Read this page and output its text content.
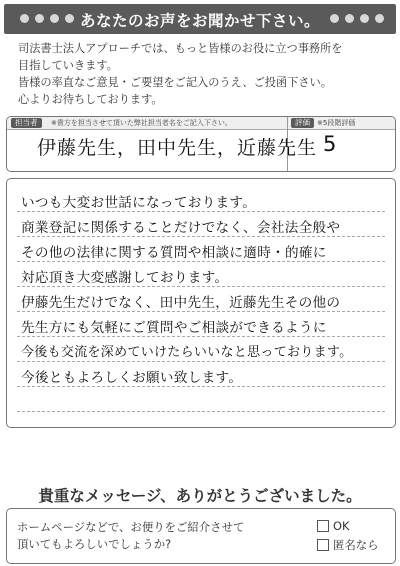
あなたのお声をお聞かせ下さい。

司法書士法人アプローチでは、もっと皆様のお役に立つ事務所を

目指していきます。

皆様の率直なご意見・ご要望をご記入のうえ、ご投函下さい。

心よりお待ちしております。

担当者	※貴方を担当させて頂いた弊社担当者名をご記入下さい。	評価	※5段階評価
伊藤先生，田中先生，近藤先生 5
いつも大変お世話になっております。
商業登記に関係することだけでなく、会社法全般や
その他の法律に関する質問や相談に適時・的確に
対応頂き大変感謝しております。
伊藤先生だけでなく、田中先生，近藤先生その他の
先生方にも気軽にご質問やご相談ができるように
今後も交流を深めていけたらいいなと思っております。
今後ともよろしくお願い致します。
貴重なメッセージ、ありがとうございました。

ホームページなどで、お便りをご紹介させて

頂いてもよろしいでしょうか?

OK
匿名なら
